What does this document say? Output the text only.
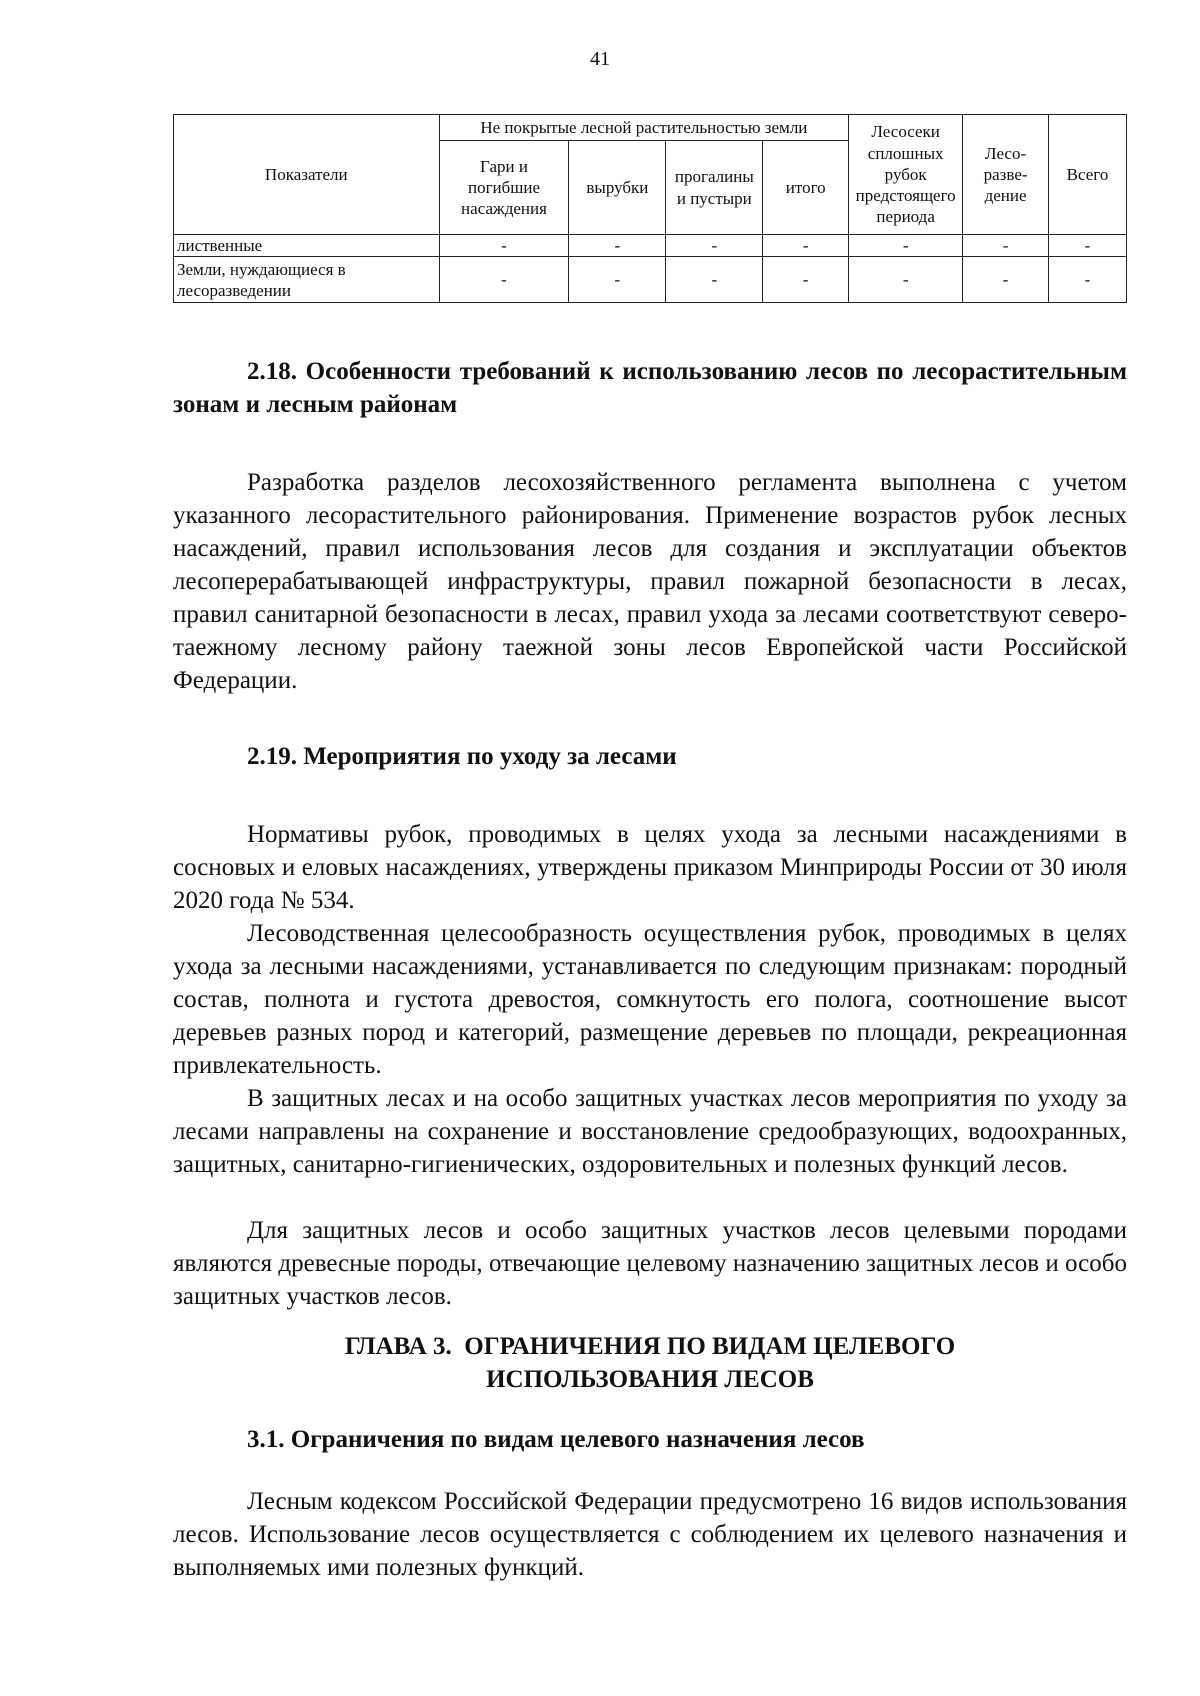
41
Показатели	Не покрытые лесной растительностью земли				Лесосеки сплошных рубок предстоящего периода	Лесо-разве-дение	Всего
	Гари и погибшие насаждения	вырубки	прогалины и пустыри	итого			
лиственные	-	-	-	-	-	-	-
Земли, нуждающиеся в лесоразведении	-	-	-	-	-	-	-
2.18. Особенности требований к использованию лесов по лесорастительным зонам и лесным районам
Разработка разделов лесохозяйственного регламента выполнена с учетом указанного лесорастительного районирования. Применение возрастов рубок лесных насаждений, правил использования лесов для создания и эксплуатации объектов лесоперерабатывающей инфраструктуры, правил пожарной безопасности в лесах, правил санитарной безопасности в лесах, правил ухода за лесами соответствуют северо-таежному лесному району таежной зоны лесов Европейской части Российской Федерации.
2.19. Мероприятия по уходу за лесами
Нормативы рубок, проводимых в целях ухода за лесными насаждениями в сосновых и еловых насаждениях, утверждены приказом Минприроды России от 30 июля 2020 года № 534.
Лесоводственная целесообразность осуществления рубок, проводимых в целях ухода за лесными насаждениями, устанавливается по следующим признакам: породный состав, полнота и густота древостоя, сомкнутость его полога, соотношение высот деревьев разных пород и категорий, размещение деревьев по площади, рекреационная привлекательность.
В защитных лесах и на особо защитных участках лесов мероприятия по уходу за лесами направлены на сохранение и восстановление средообразующих, водоохранных, защитных, санитарно-гигиенических, оздоровительных и полезных функций лесов.
Для защитных лесов и особо защитных участков лесов целевыми породами являются древесные породы, отвечающие целевому назначению защитных лесов и особо защитных участков лесов.
ГЛАВА 3.  ОГРАНИЧЕНИЯ ПО ВИДАМ ЦЕЛЕВОГО
ИСПОЛЬЗОВАНИЯ ЛЕСОВ
3.1. Ограничения по видам целевого назначения лесов
Лесным кодексом Российской Федерации предусмотрено 16 видов использования лесов. Использование лесов осуществляется с соблюдением их целевого назначения и выполняемых ими полезных функций.
